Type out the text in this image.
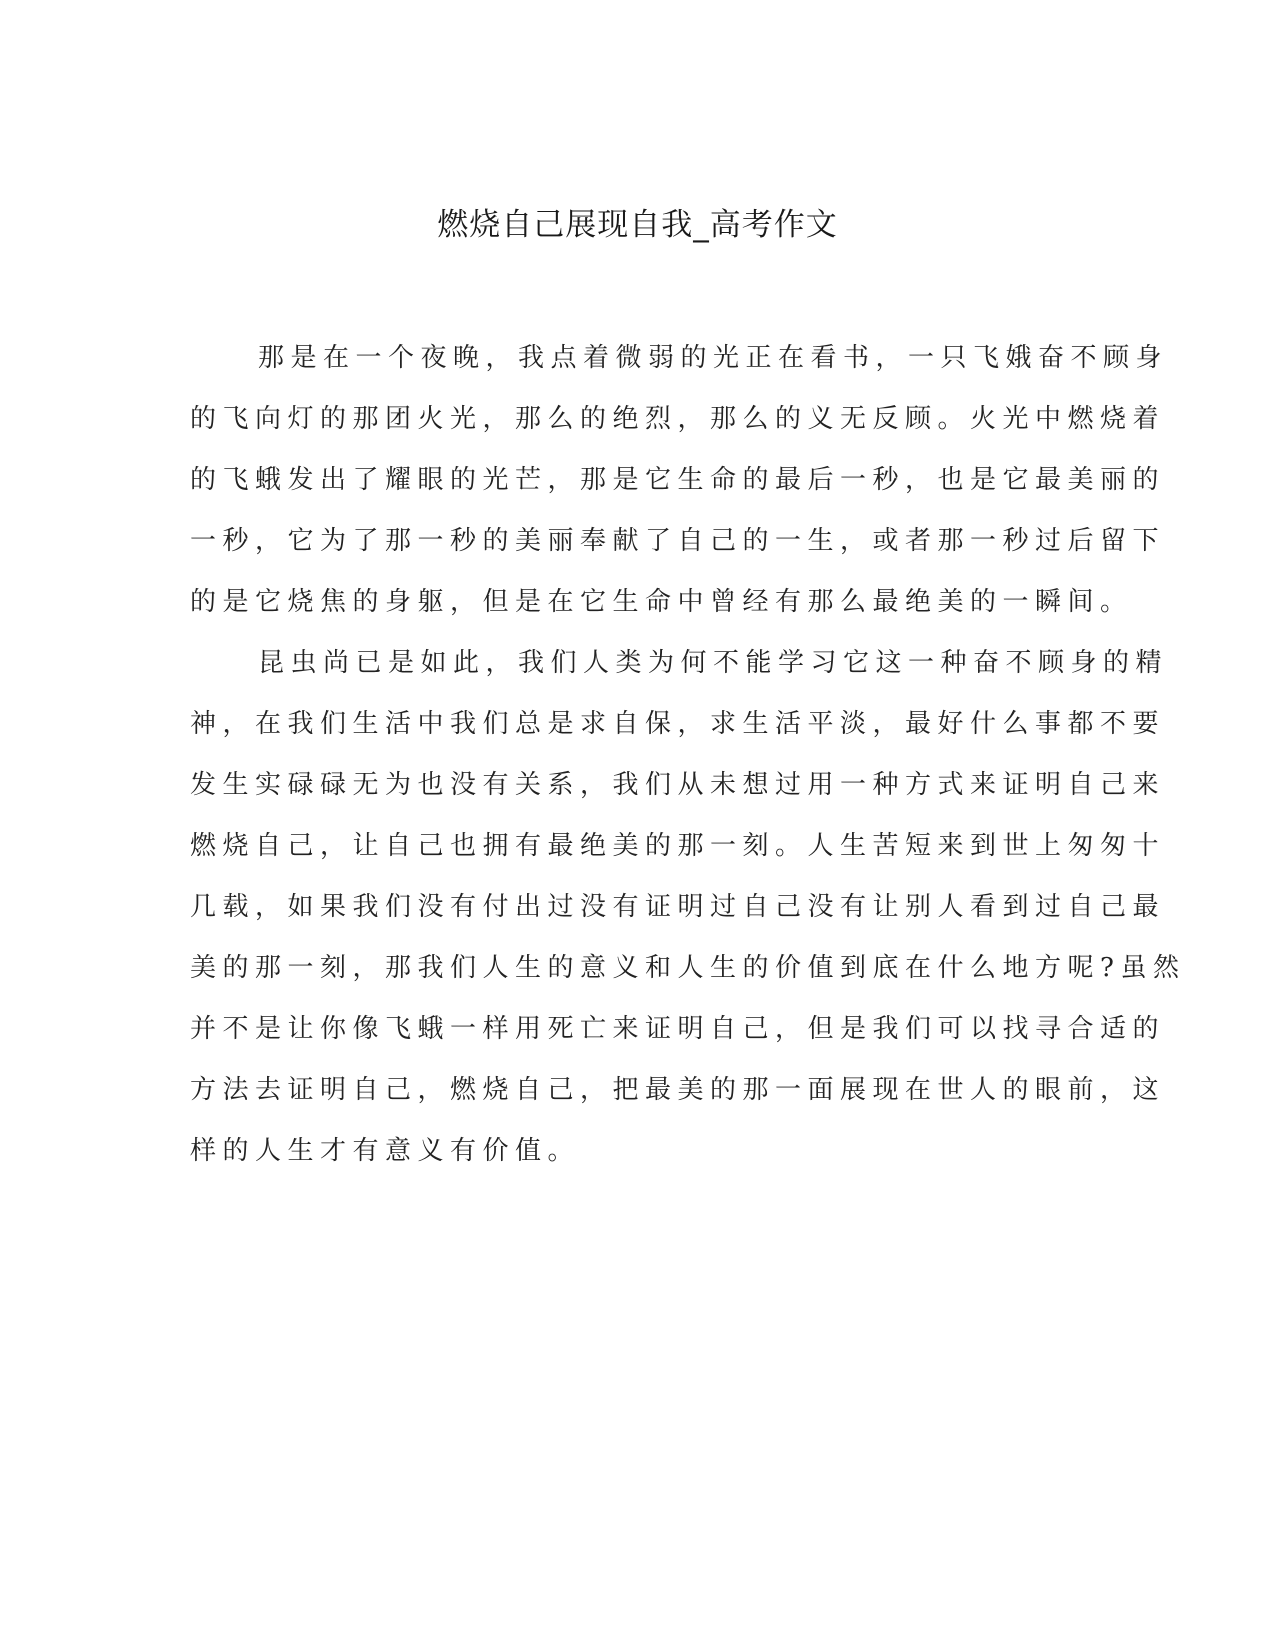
燃烧自己展现自我_高考作文
那是在一个夜晚，我点着微弱的光正在看书，一只飞娥奋不顾身
的飞向灯的那团火光，那么的绝烈，那么的义无反顾。火光中燃烧着
的飞蛾发出了耀眼的光芒，那是它生命的最后一秒，也是它最美丽的
一秒，它为了那一秒的美丽奉献了自己的一生，或者那一秒过后留下
的是它烧焦的身躯，但是在它生命中曾经有那么最绝美的一瞬间。
昆虫尚已是如此，我们人类为何不能学习它这一种奋不顾身的精
神，在我们生活中我们总是求自保，求生活平淡，最好什么事都不要
发生实碌碌无为也没有关系，我们从未想过用一种方式来证明自己来
燃烧自己，让自己也拥有最绝美的那一刻。人生苦短来到世上匆匆十
几载，如果我们没有付出过没有证明过自己没有让别人看到过自己最
美的那一刻，那我们人生的意义和人生的价值到底在什么地方呢?虽然
并不是让你像飞蛾一样用死亡来证明自己，但是我们可以找寻合适的
方法去证明自己，燃烧自己，把最美的那一面展现在世人的眼前，这
样的人生才有意义有价值。
